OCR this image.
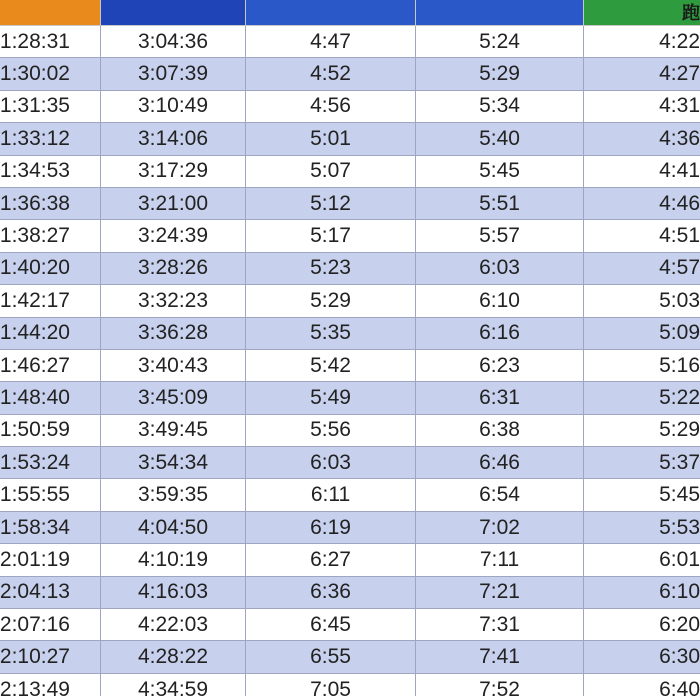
				跑
1:28:31	3:04:36	4:47	5:24	4:22
1:30:02	3:07:39	4:52	5:29	4:27
1:31:35	3:10:49	4:56	5:34	4:31
1:33:12	3:14:06	5:01	5:40	4:36
1:34:53	3:17:29	5:07	5:45	4:41
1:36:38	3:21:00	5:12	5:51	4:46
1:38:27	3:24:39	5:17	5:57	4:51
1:40:20	3:28:26	5:23	6:03	4:57
1:42:17	3:32:23	5:29	6:10	5:03
1:44:20	3:36:28	5:35	6:16	5:09
1:46:27	3:40:43	5:42	6:23	5:16
1:48:40	3:45:09	5:49	6:31	5:22
1:50:59	3:49:45	5:56	6:38	5:29
1:53:24	3:54:34	6:03	6:46	5:37
1:55:55	3:59:35	6:11	6:54	5:45
1:58:34	4:04:50	6:19	7:02	5:53
2:01:19	4:10:19	6:27	7:11	6:01
2:04:13	4:16:03	6:36	7:21	6:10
2:07:16	4:22:03	6:45	7:31	6:20
2:10:27	4:28:22	6:55	7:41	6:30
2:13:49	4:34:59	7:05	7:52	6:40
